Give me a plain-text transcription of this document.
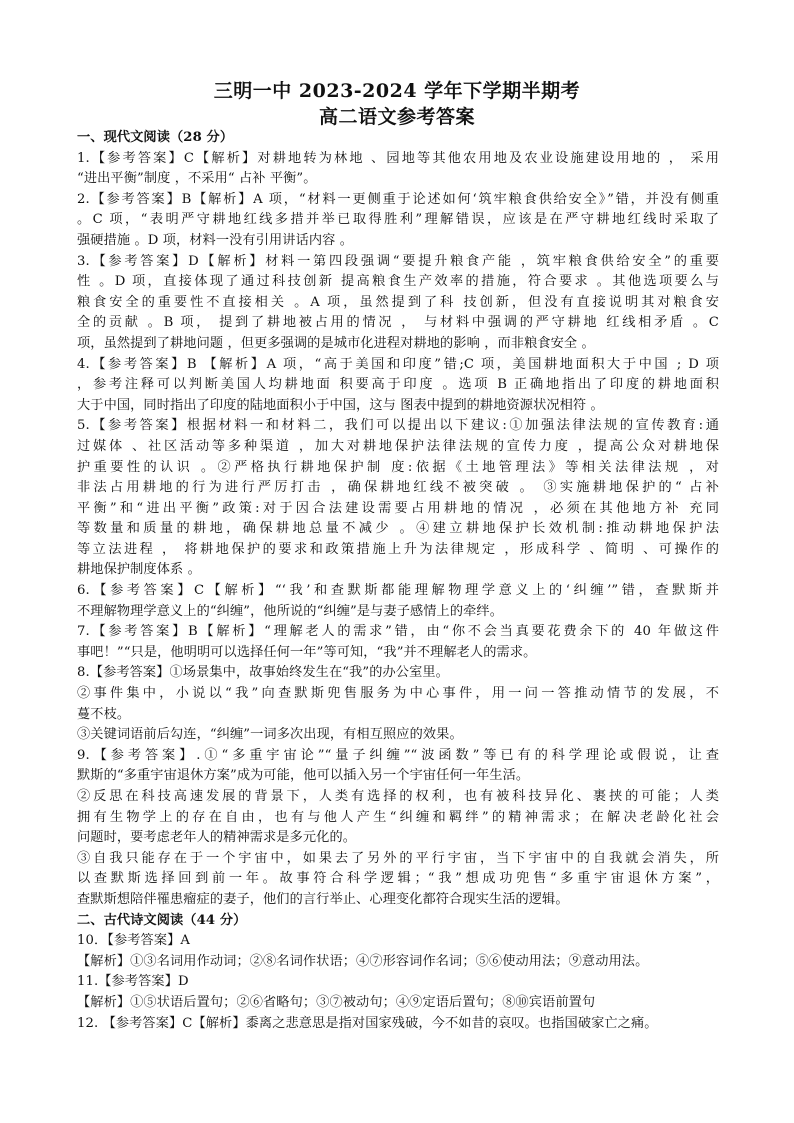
三明一中 2023-2024 学年下学期半期考
高二语文参考答案
一、现代文阅读（28 分）
1.【参考答案】C【解析】对耕地转为林地 、园地等其他农用地及农业设施建设用地的 ， 采用
“进出平衡”制度 ，不采用“ 占补 平衡”。
2.【参考答案】B【解析】A 项，“材料一更侧重于论述如何‘筑牢粮食供给安全》”错，并没有侧重
。C 项，“表明严守耕地红线多措并举已取得胜利”理解错误，应该是在严守耕地红线时采取了
强硬措施 。D 项，材料一没有引用讲话内容 。
3.【参考答案】D【解析】材料一第四段强调“要提升粮食产能 ，筑牢粮食供给安全”的重要
性 。D 项，直接体现了通过科技创新 提高粮食生产效率的措施，符合要求 。其他选项要么与
粮食安全的重要性不直接相关 。A 项，虽然提到了科 技创新，但没有直接说明其对粮食安
全的贡献 。B 项， 提到了耕地被占用的情况 ， 与材料中强调的严守耕地 红线相矛盾 。C
项，虽然提到了耕地问题 ，但更多强调的是城市化进程对耕地的影响 ，而非粮食安全 。
4.【参考答案】B 【解析】A 项，“高于美国和印度”错;C 项，美国耕地面积大于中国 ; D 项
，参考注释可以判断美国人均耕地面 积要高于印度 。选项 B 正确地指出了印度的耕地面积
大于中国，同时指出了印度的陆地面积小于中国，这与 图表中提到的耕地资源状况相符 。
5.【参考答案】根据材料一和材料二，我们可以提出以下建议:①加强法律法规的宣传教育:通
过媒体 、社区活动等多种渠道 ，加大对耕地保护法律法规的宣传力度 ，提高公众对耕地保
护重要性的认识 。②严格执行耕地保护制 度:依据《土地管理法》等相关法律法规 ，对
非法占用耕地的行为进行严厉打击 ，确保耕地红线不被突破 。 ③实施耕地保护的“ 占补
平衡”和“进出平衡”政策:对于因合法建设需要占用耕地的情况 ，必须在其他地方补 充同
等数量和质量的耕地，确保耕地总量不减少 。④建立耕地保护长效机制:推动耕地保护法
等立法进程 ， 将耕地保护的要求和政策措施上升为法律规定 ，形成科学 、简明 、可操作的
耕地保护制度体系 。
6.【参考答案】C【解析】“‘我’和查默斯都能理解物理学意义上的‘纠缠’”错，查默斯并
不理解物理学意义上的“纠缠”，他所说的“纠缠”是与妻子感情上的牵绊。
7.【参考答案】B【解析】“理解老人的需求”错，由“你不会当真要花费余下的 40 年做这件
事吧！”“只是，他明明可以选择任何一年”等可知，“我”并不理解老人的需求。
8.【参考答案】①场景集中，故事始终发生在“我”的办公室里。
②事件集中，小说以“我”向查默斯兜售服务为中心事件，用一问一答推动情节的发展，不
蔓不枝。
③关键词语前后勾连，“纠缠”一词多次出现，有相互照应的效果。
9.【参考答案】.①“多重宇宙论”“量子纠缠”“波函数”等已有的科学理论或假说，让查
默斯的“多重宇宙退休方案”成为可能，他可以插入另一个宇宙任何一年生活。
②反思在科技高速发展的背景下，人类有选择的权利，也有被科技异化、裹挟的可能；人类
拥有生物学上的存在自由，也有与他人产生“纠缠和羁绊”的精神需求；在解决老龄化社会
问题时，要考虑老年人的精神需求是多元化的。
③自我只能存在于一个宇宙中，如果去了另外的平行宇宙，当下宇宙中的自我就会消失，所
以查默斯选择回到前一年。故事符合科学逻辑；“我”想成功兜售“多重宇宙退休方案”，
查默斯想陪伴罹患瘤症的妻子，他们的言行举止、心理变化都符合现实生活的逻辑。
二、古代诗文阅读（44 分）
10．【参考答案】A
【解析】①③名词用作动词；②⑧名词作状语；④⑦形容词作名词；⑤⑥使动用法；⑨意动用法。
11.【参考答案】D
【解析】①⑤状语后置句；②⑥省略句；③⑦被动句；④⑨定语后置句；⑧⑩宾语前置句
12. 【参考答案】C【解析】黍离之悲意思是指对国家残破，今不如昔的哀叹。也指国破家亡之痛。
